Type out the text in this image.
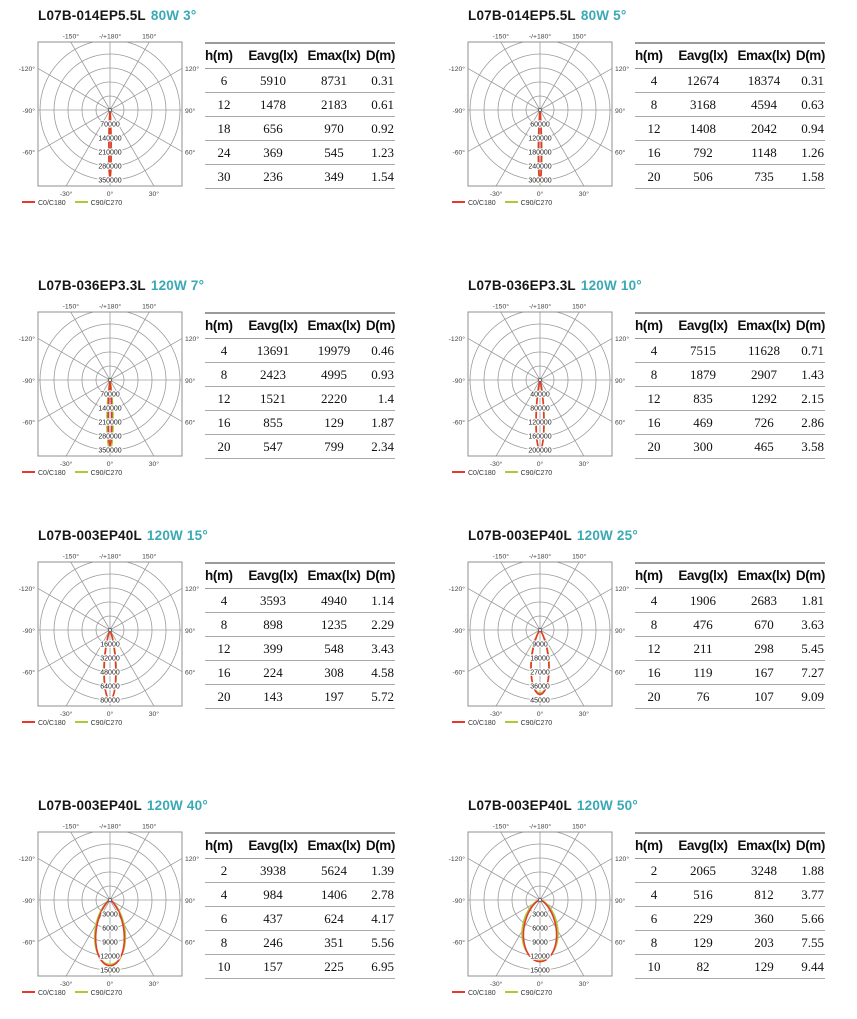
L07B-014EP5.5L 80W 3°
70000
140000
210000
280000
350000
-150°	-/+180°	150°
-120°	120°
-90°	90°
-60°	60°
-30°	0°	30°
C0/C180	C90/C270
h(m)	Eavg(lx)	Emax(lx)	D(m)
6	5910	8731	0.31
12	1478	2183	0.61
18	656	970	0.92
24	369	545	1.23
30	236	349	1.54
L07B-014EP5.5L 80W 5°
60000
120000
180000
240000
300000
-150°	-/+180°	150°
-120°	120°
-90°	90°
-60°	60°
-30°	0°	30°
C0/C180	C90/C270
h(m)	Eavg(lx)	Emax(lx)	D(m)
4	12674	18374	0.31
8	3168	4594	0.63
12	1408	2042	0.94
16	792	1148	1.26
20	506	735	1.58
L07B-036EP3.3L 120W 7°
70000
140000
210000
280000
350000
-150°	-/+180°	150°
-120°	120°
-90°	90°
-60°	60°
-30°	0°	30°
C0/C180	C90/C270
h(m)	Eavg(lx)	Emax(lx)	D(m)
4	13691	19979	0.46
8	2423	4995	0.93
12	1521	2220	1.4
16	855	129	1.87
20	547	799	2.34
L07B-036EP3.3L 120W 10°
40000
80000
120000
160000
200000
-150°	-/+180°	150°
-120°	120°
-90°	90°
-60°	60°
-30°	0°	30°
C0/C180	C90/C270
h(m)	Eavg(lx)	Emax(lx)	D(m)
4	7515	11628	0.71
8	1879	2907	1.43
12	835	1292	2.15
16	469	726	2.86
20	300	465	3.58
L07B-003EP40L 120W 15°
16000
32000
48000
64000
80000
-150°	-/+180°	150°
-120°	120°
-90°	90°
-60°	60°
-30°	0°	30°
C0/C180	C90/C270
h(m)	Eavg(lx)	Emax(lx)	D(m)
4	3593	4940	1.14
8	898	1235	2.29
12	399	548	3.43
16	224	308	4.58
20	143	197	5.72
L07B-003EP40L 120W 25°
9000
18000
27000
36000
45000
-150°	-/+180°	150°
-120°	120°
-90°	90°
-60°	60°
-30°	0°	30°
C0/C180	C90/C270
h(m)	Eavg(lx)	Emax(lx)	D(m)
4	1906	2683	1.81
8	476	670	3.63
12	211	298	5.45
16	119	167	7.27
20	76	107	9.09
L07B-003EP40L 120W 40°
3000
6000
9000
12000
15000
-150°	-/+180°	150°
-120°	120°
-90°	90°
-60°	60°
-30°	0°	30°
C0/C180	C90/C270
h(m)	Eavg(lx)	Emax(lx)	D(m)
2	3938	5624	1.39
4	984	1406	2.78
6	437	624	4.17
8	246	351	5.56
10	157	225	6.95
L07B-003EP40L 120W 50°
3000
6000
9000
12000
15000
-150°	-/+180°	150°
-120°	120°
-90°	90°
-60°	60°
-30°	0°	30°
C0/C180	C90/C270
h(m)	Eavg(lx)	Emax(lx)	D(m)
2	2065	3248	1.88
4	516	812	3.77
6	229	360	5.66
8	129	203	7.55
10	82	129	9.44
